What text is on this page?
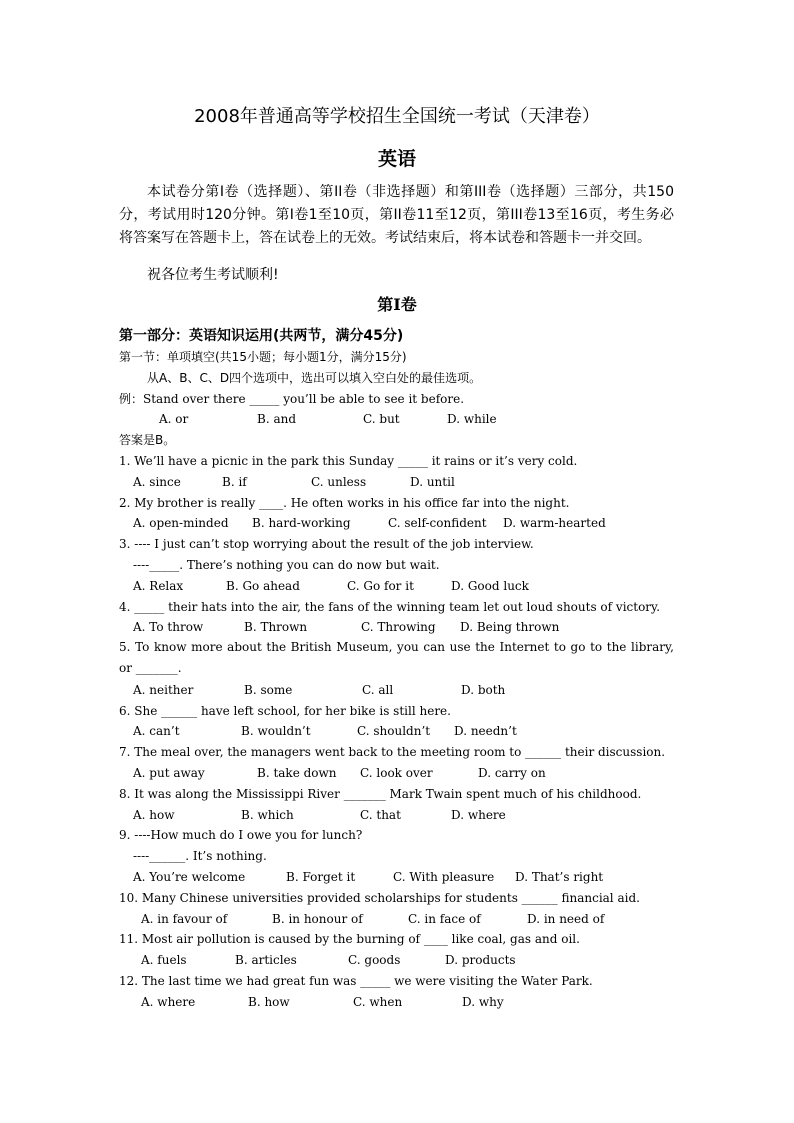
2008年普通高等学校招生全国统一考试（天津卷）
英语

本试卷分第I卷（选择题）、第II卷（非选择题）和第III卷（选择题）三部分，共150分，考试用时120分钟。第I卷1至10页，第II卷11至12页，第III卷13至16页，考生务必将答案写在答题卡上，答在试卷上的无效。考试结束后，将本试卷和答题卡一并交回。

祝各位考生考试顺利!
第I卷
第一部分：英语知识运用(共两节，满分45分)
第一节：单项填空(共15小题；每小题1分，满分15分)
从A、B、C、D四个选项中，选出可以填入空白处的最佳选项。
例：Stand over there _____ you’ll be able to see it before.
A. or	B. and	C. but	D. while
答案是B。
1. We’ll have a picnic in the park this Sunday _____ it rains or it’s very cold.
A. since	B. if	C. unless	D. until
2. My brother is really ____. He often works in his office far into the night.
A. open-minded B. hard-working	C. self-confident D. warm-hearted
3. ---- I just can’t stop worrying about the result of the job interview.
----_____. There’s nothing you can do now but wait.
A. Relax	B. Go ahead	C. Go for it	D. Good luck
4. _____ their hats into the air, the fans of the winning team let out loud shouts of victory.
A. To throw	B. Thrown	C. Throwing D. Being thrown

5. To know more about the British Museum, you can use the Internet to go to the library, or _______.

A. neither	B. some	C. all	D. both
6. She ______ have left school, for her bike is still here.
A. can’t	B. wouldn’t	C. shouldn’t D. needn’t
7. The meal over, the managers went back to the meeting room to ______ their discussion.
A. put away	B. take down C. look over	D. carry on
8. It was along the Mississippi River _______ Mark Twain spent much of his childhood.
A. how	B. which	C. that	D. where
9. ----How much do I owe you for lunch?
----______. It’s nothing.
A. You’re welcome	B. Forget it	C. With pleasure D. That’s right
10. Many Chinese universities provided scholarships for students ______ financial aid.
A. in favour of	B. in honour of	C. in face of	D. in need of
11. Most air pollution is caused by the burning of ____ like coal, gas and oil.
A. fuels	B. articles	C. goods	D. products
12. The last time we had great fun was _____ we were visiting the Water Park.
A. where	B. how	C. when	D. why
